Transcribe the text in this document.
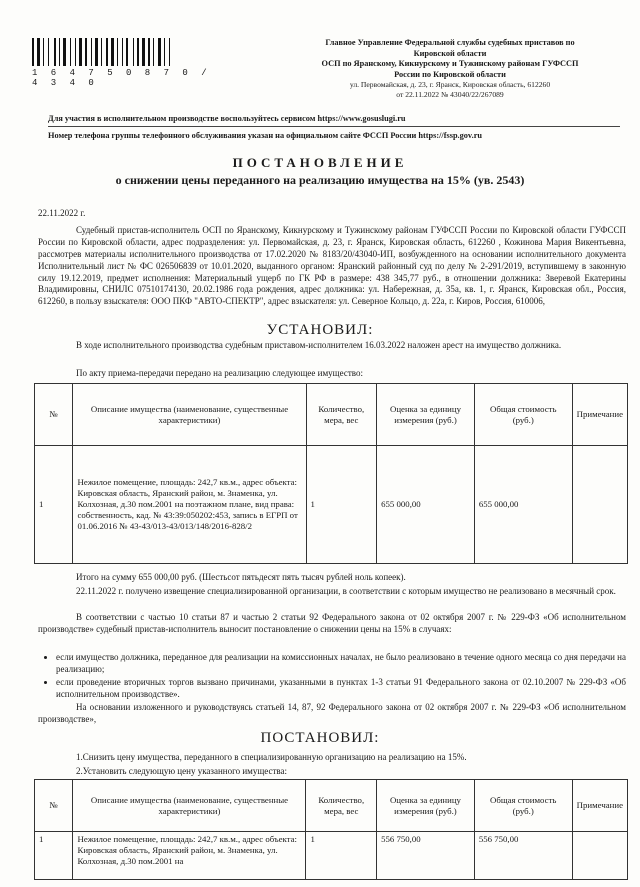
1 6 4 7 5 0 8 7 0 / 4 3 4 0
Главное Управление Федеральной службы судебных приставов по
Кировской области
ОСП по Яранскому, Кикнурскому и Тужинскому районам ГУФССП
России по Кировской области
ул. Первомайская, д. 23, г. Яранск, Кировская область, 612260
от 22.11.2022 № 43040/22/267089
Для участия в исполнительном производстве воспользуйтесь сервисом https://www.gosuslugi.ru
Номер телефона группы телефонного обслуживания указан на официальном сайте ФССП России https://fssp.gov.ru
ПОСТАНОВЛЕНИЕ
о снижении цены переданного на реализацию имущества на 15% (ув. 2543)
22.11.2022 г.
Судебный пристав-исполнитель ОСП по Яранскому, Кикнурскому и Тужинскому районам ГУФССП России по Кировской области ГУФССП России по Кировской области, адрес подразделения: ул. Первомайская, д. 23, г. Яранск, Кировская область, 612260 , Кожинова Мария Викентьевна, рассмотрев материалы исполнительного производства от 17.02.2020 № 8183/20/43040-ИП, возбужденного на основании исполнительного документа Исполнительный лист № ФС 026506839 от 10.01.2020, выданного органом: Яранский районный суд по делу № 2-291/2019, вступившему в законную силу 19.12.2019, предмет исполнения: Материальный ущерб по ГК РФ в размере: 438 345,77 руб., в отношении должника: Зверевой Екатерины Владимировны, СНИЛС 07510174130, 20.02.1986 года рождения, адрес должника: ул. Набережная, д. 35а, кв. 1, г. Яранск, Кировская обл., Россия, 612260, в пользу взыскателя: ООО ПКФ "АВТО-СПЕКТР", адрес взыскателя: ул. Северное Кольцо, д. 22а, г. Киров, Россия, 610006,
УСТАНОВИЛ:
В ходе исполнительного производства судебным приставом-исполнителем 16.03.2022 наложен арест на имущество должника.
По акту приема-передачи передано на реализацию следующее имущество:
№	Описание имущества (наименование, существенные характеристики)	Количество, мера, вес	Оценка за единицу измерения (руб.)	Общая стоимость (руб.)	Примечание
1	Нежилое помещение, площадь: 242,7 кв.м., адрес объекта: Кировская область, Яранский район, м. Знаменка, ул. Колхозная, д.30 пом.2001 на поэтажном плане, вид права: собственность, кад. № 43:39:050202:453, запись в ЕГРП от 01.06.2016 № 43-43/013-43/013/148/2016-828/2	1	655 000,00	655 000,00	
Итого на сумму 655 000,00 руб. (Шестьсот пятьдесят пять тысяч рублей ноль копеек).
22.11.2022 г. получено извещение специализированной организации, в соответствии с которым имущество не реализовано в месячный срок.
В соответствии с частью 10 статьи 87 и частью 2 статьи 92 Федерального закона от 02 октября 2007 г. № 229-ФЗ «Об исполнительном производстве» судебный пристав-исполнитель выносит постановление о снижении цены на 15% в случаях:
• если имущество должника, переданное для реализации на комиссионных началах, не было реализовано в течение одного месяца со дня передачи на реализацию;
• если проведение вторичных торгов вызвано причинами, указанными в пунктах 1-3 статьи 91 Федерального закона от 02.10.2007 № 229-ФЗ «Об исполнительном производстве».
На основании изложенного и руководствуясь статьей 14, 87, 92 Федерального закона от 02 октября 2007 г. № 229-ФЗ «Об исполнительном производстве»,
ПОСТАНОВИЛ:
1.Снизить цену имущества, переданного в специализированную организацию на реализацию на 15%.
2.Установить следующую цену указанного имущества:
№	Описание имущества (наименование, существенные характеристики)	Количество, мера, вес	Оценка за единицу измерения (руб.)	Общая стоимость (руб.)	Примечание
1	Нежилое помещение, площадь: 242,7 кв.м., адрес объекта: Кировская область, Яранский район, м. Знаменка, ул. Колхозная, д.30 пом.2001 на	1	556 750,00	556 750,00	
